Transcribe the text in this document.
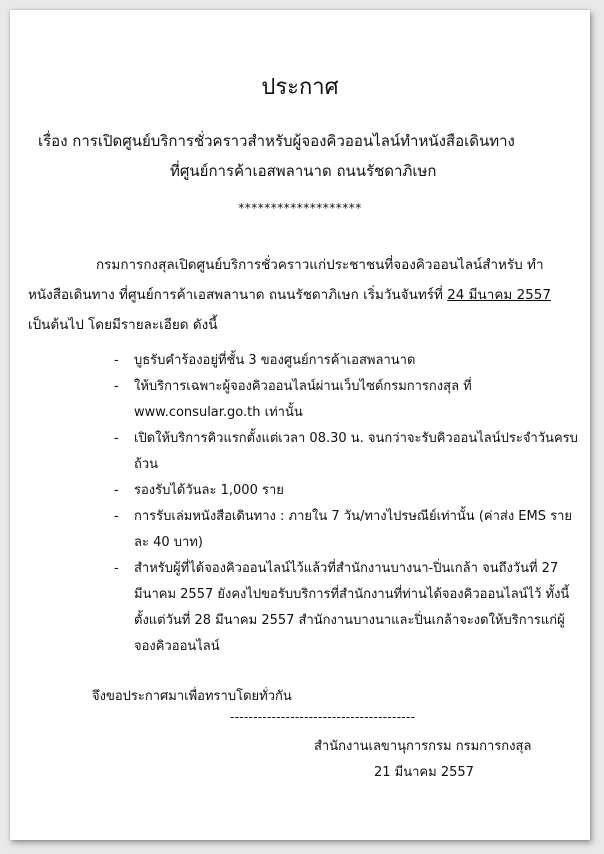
ประกาศ
เรื่อง การเปิดศูนย์บริการชั่วคราวสำหรับผู้จองคิวออนไลน์ทำหนังสือเดินทาง
ที่ศูนย์การค้าเอสพลานาด ถนนรัชดาภิเษก
*******************
กรมการกงสุลเปิดศูนย์บริการชั่วคราวแก่ประชาชนที่จองคิวออนไลน์สำหรับ ทำหนังสือเดินทาง ที่ศูนย์การค้าเอสพลานาด ถนนรัชดาภิเษก เริ่มวันจันทร์ที่ 24 มีนาคม 2557 เป็นต้นไป โดยมีรายละเอียด ดังนี้
- บูธรับคำร้องอยู่ที่ชั้น 3 ของศูนย์การค้าเอสพลานาด
- ให้บริการเฉพาะผู้จองคิวออนไลน์ผ่านเว็บไซต์กรมการกงสุล ที่ www.consular.go.th เท่านั้น
- เปิดให้บริการคิวแรกตั้งแต่เวลา 08.30 น. จนกว่าจะรับคิวออนไลน์ประจำวันครบถ้วน
- รองรับได้วันละ 1,000 ราย
- การรับเล่มหนังสือเดินทาง : ภายใน 7 วัน/ทางไปรษณีย์เท่านั้น (ค่าส่ง EMS รายละ 40 บาท)
- สำหรับผู้ที่ได้จองคิวออนไลน์ไว้แล้วที่สำนักงานบางนา-ปิ่นเกล้า จนถึงวันที่ 27 มีนาคม 2557 ยังคงไปขอรับบริการที่สำนักงานที่ท่านได้จองคิวออนไลน์ไว้ ทั้งนี้ ตั้งแต่วันที่ 28 มีนาคม 2557 สำนักงานบางนาและปิ่นเกล้าจะงดให้บริการแก่ผู้จองคิวออนไลน์
จึงขอประกาศมาเพื่อทราบโดยทั่วกัน
----------------------------------------
สำนักงานเลขานุการกรม กรมการกงสุล
21 มีนาคม 2557
